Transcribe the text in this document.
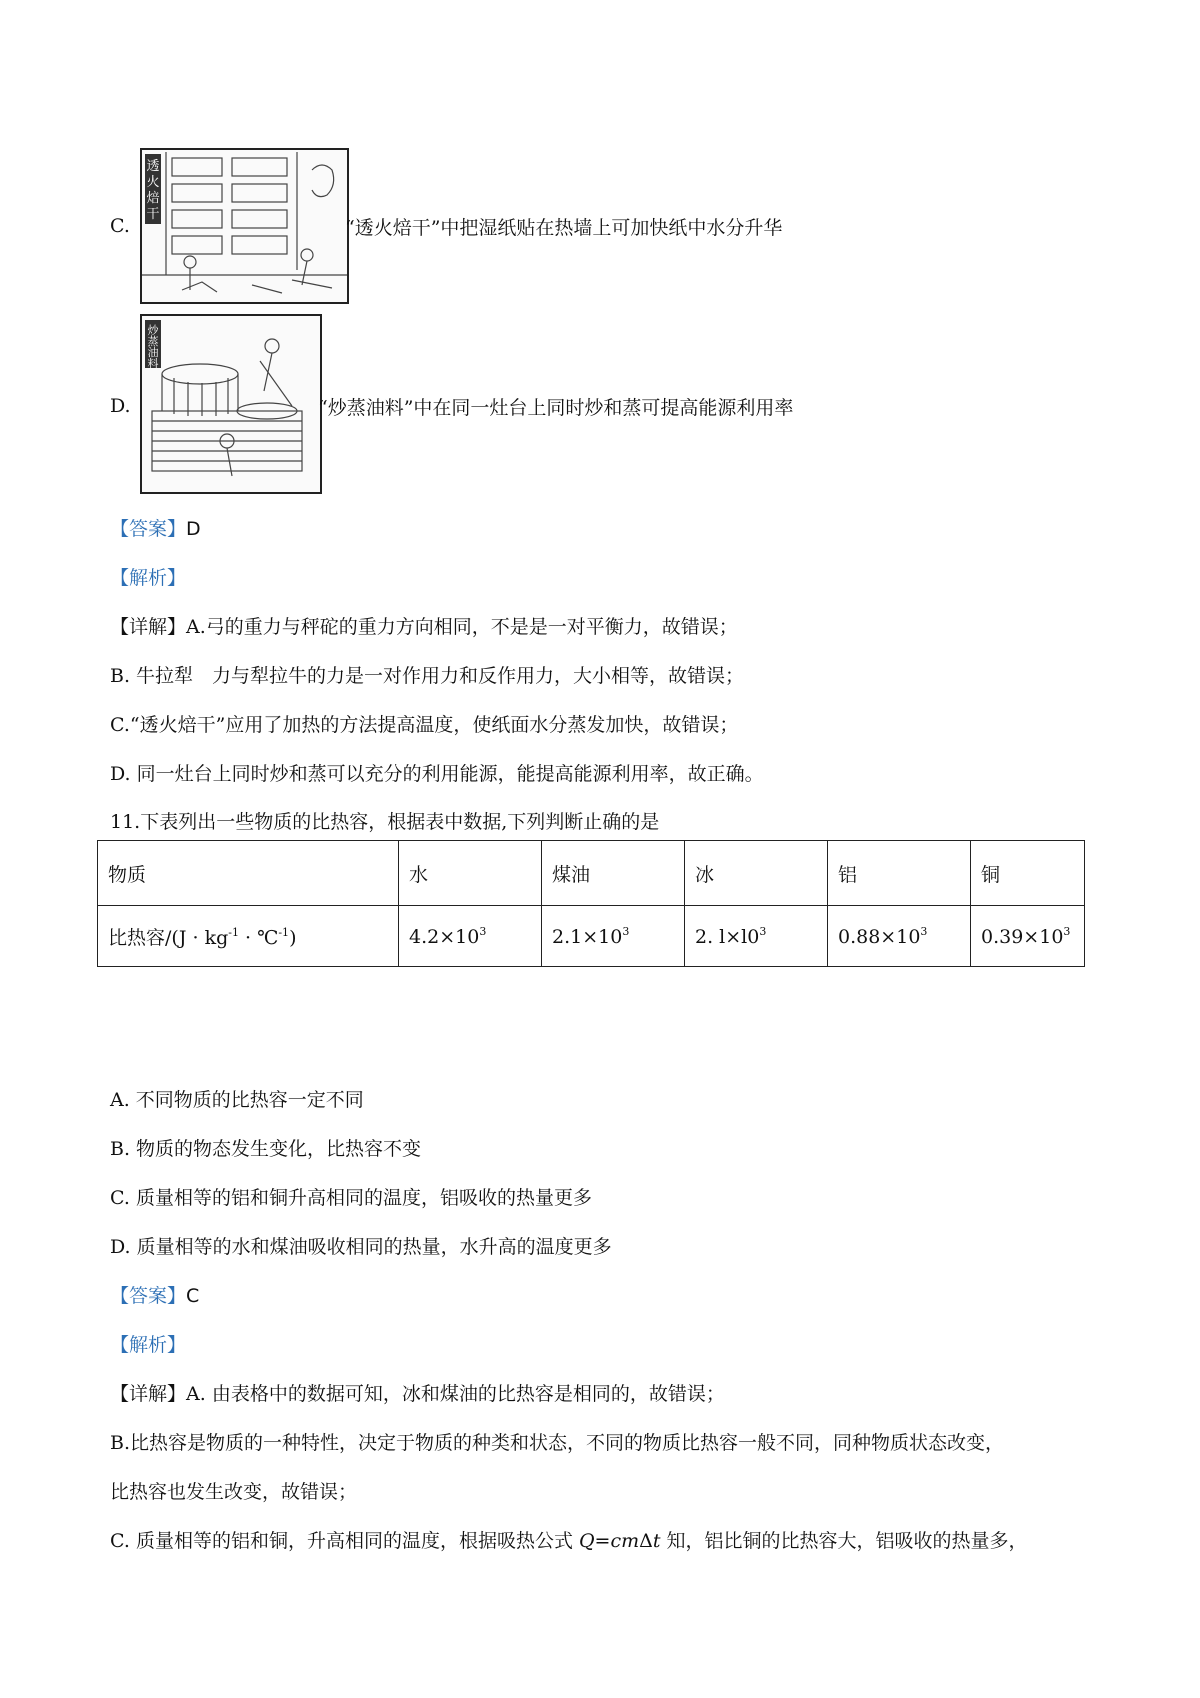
C.
透
火
焙
干
“透火焙干”中把湿纸贴在热墙上可加快纸中水分升华
D.
炒
蒸
油
料
“炒蒸油料”中在同一灶台上同时炒和蒸可提高能源利用率
【答案】D
【解析】
【详解】A.弓的重力与秤砣的重力方向相同，不是是一对平衡力，故错误；
B. 牛拉犁　力与犁拉牛的力是一对作用力和反作用力，大小相等，故错误；
C.“透火焙干”应用了加热的方法提高温度，使纸面水分蒸发加快，故错误；
D. 同一灶台上同时炒和蒸可以充分的利用能源，能提高能源利用率，故正确。
11.下表列出一些物质的比热容，根据表中数据,下列判断止确的是
物质	水	煤油	冰	铝	铜
比热容$/(J \cdot kg^{-1}$ · ℃$^{-1}$)	$4.2\times 10^3$	$2.1\times 10^3$	2. $l\times l0^3$	$0.88\times 10^3$	$0.39\times 10^3$
A. 不同物质的比热容一定不同
B. 物质的物态发生变化，比热容不变
C. 质量相等的铝和铜升高相同的温度，铝吸收的热量更多
D. 质量相等的水和煤油吸收相同的热量，水升高的温度更多
【答案】C
【解析】
【详解】A. 由表格中的数据可知，冰和煤油的比热容是相同的，故错误；
B.比热容是物质的一种特性，决定于物质的种类和状态，不同的物质比热容一般不同，同种物质状态改变，
比热容也发生改变，故错误；
C. 质量相等的铝和铜，升高相同的温度，根据吸热公式 Q=cmΔt 知，铝比铜的比热容大，铝吸收的热量多，
